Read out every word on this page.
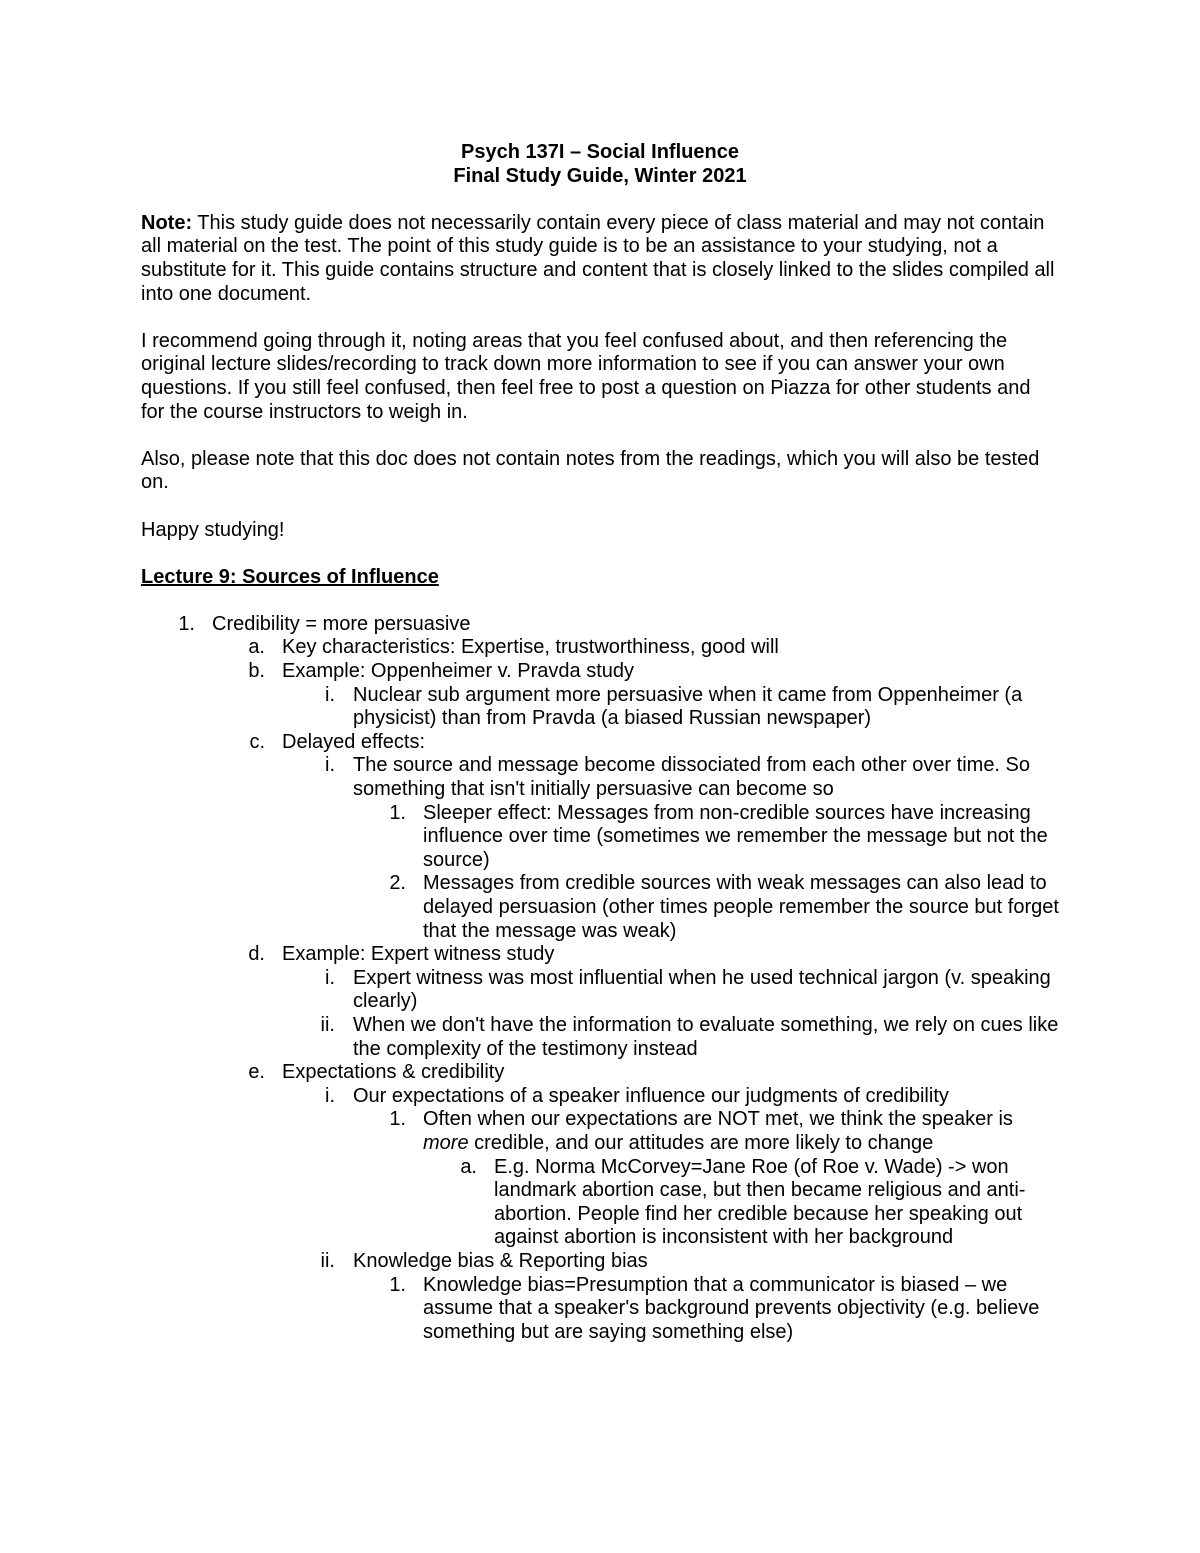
Psych 137I – Social Influence

Final Study Guide, Winter 2021

Note: This study guide does not necessarily contain every piece of class material and may not contain all material on the test. The point of this study guide is to be an assistance to your studying, not a substitute for it. This guide contains structure and content that is closely linked to the slides compiled all into one document.

I recommend going through it, noting areas that you feel confused about, and then referencing the original lecture slides/recording to track down more information to see if you can answer your own questions. If you still feel confused, then feel free to post a question on Piazza for other students and for the course instructors to weigh in.

Also, please note that this doc does not contain notes from the readings, which you will also be tested on.

Happy studying!

Lecture 9: Sources of Influence

1. Credibility = more persuasive
a. Key characteristics: Expertise, trustworthiness, good will
b. Example: Oppenheimer v. Pravda study
i. Nuclear sub argument more persuasive when it came from Oppenheimer (a physicist) than from Pravda (a biased Russian newspaper)
c. Delayed effects:
i. The source and message become dissociated from each other over time. So something that isn't initially persuasive can become so
1. Sleeper effect: Messages from non-credible sources have increasing influence over time (sometimes we remember the message but not the source)
2. Messages from credible sources with weak messages can also lead to delayed persuasion (other times people remember the source but forget that the message was weak)
d. Example: Expert witness study
i. Expert witness was most influential when he used technical jargon (v. speaking clearly)
ii. When we don't have the information to evaluate something, we rely on cues like the complexity of the testimony instead
e. Expectations & credibility
i. Our expectations of a speaker influence our judgments of credibility
1. Often when our expectations are NOT met, we think the speaker is more credible, and our attitudes are more likely to change
a. E.g. Norma McCorvey=Jane Roe (of Roe v. Wade) -> won landmark abortion case, but then became religious and anti-abortion. People find her credible because her speaking out against abortion is inconsistent with her background
ii. Knowledge bias & Reporting bias
1. Knowledge bias=Presumption that a communicator is biased – we assume that a speaker's background prevents objectivity (e.g. believe something but are saying something else)
